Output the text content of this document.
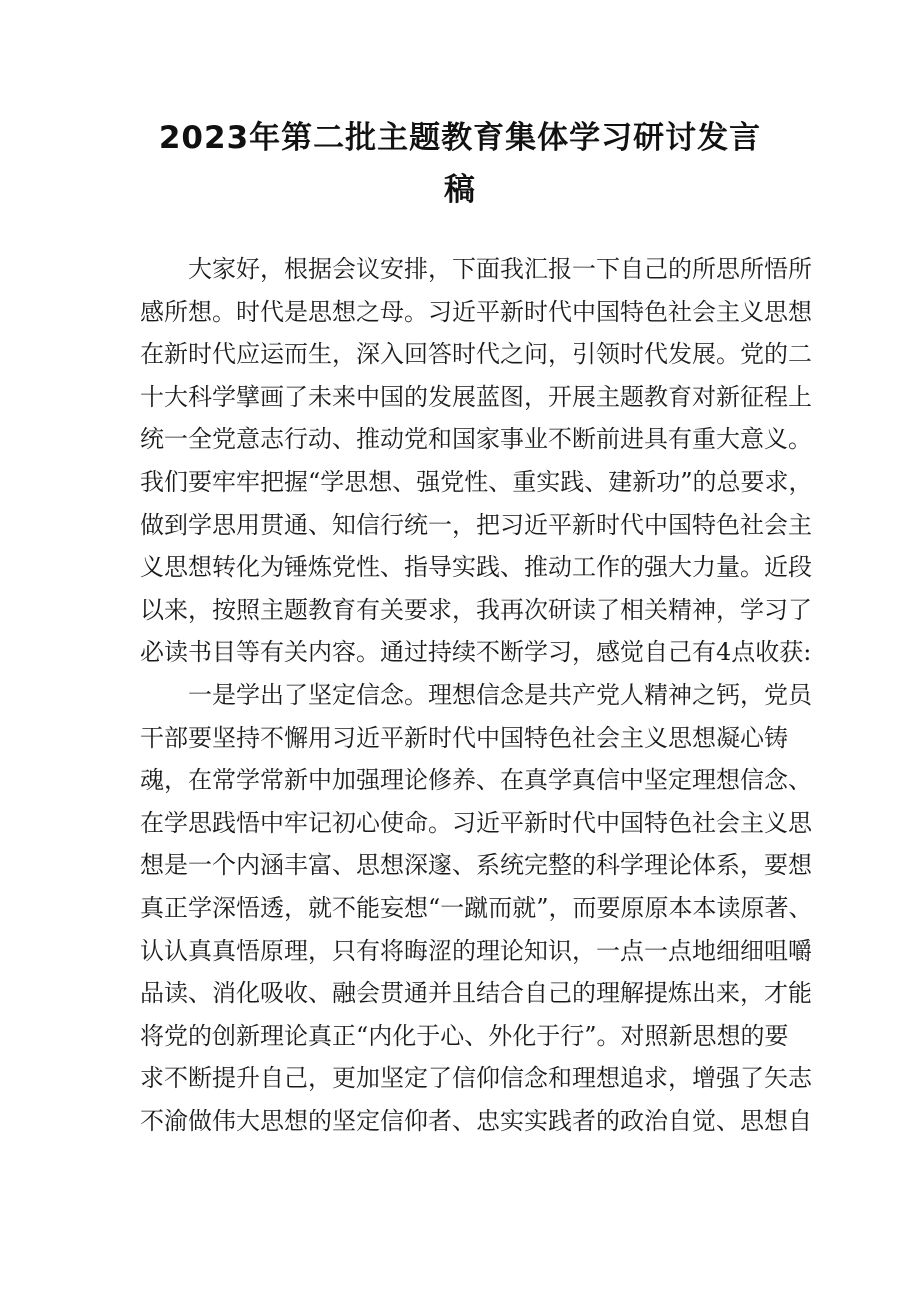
2023年第二批主题教育集体学习研讨发言
稿
大家好，根据会议安排，下面我汇报一下自己的所思所悟所
感所想。时代是思想之母。习近平新时代中国特色社会主义思想
在新时代应运而生，深入回答时代之问，引领时代发展。党的二
十大科学擘画了未来中国的发展蓝图，开展主题教育对新征程上
统一全党意志行动、推动党和国家事业不断前进具有重大意义。
我们要牢牢把握“学思想、强党性、重实践、建新功”的总要求，
做到学思用贯通、知信行统一，把习近平新时代中国特色社会主
义思想转化为锤炼党性、指导实践、推动工作的强大力量。近段
以来，按照主题教育有关要求，我再次研读了相关精神，学习了
必读书目等有关内容。通过持续不断学习，感觉自己有4点收获:
一是学出了坚定信念。理想信念是共产党人精神之钙，党员
干部要坚持不懈用习近平新时代中国特色社会主义思想凝心铸
魂，在常学常新中加强理论修养、在真学真信中坚定理想信念、
在学思践悟中牢记初心使命。习近平新时代中国特色社会主义思
想是一个内涵丰富、思想深邃、系统完整的科学理论体系，要想
真正学深悟透，就不能妄想“一蹴而就”，而要原原本本读原著、
认认真真悟原理，只有将晦涩的理论知识，一点一点地细细咀嚼
品读、消化吸收、融会贯通并且结合自己的理解提炼出来，才能
将党的创新理论真正“内化于心、外化于行”。对照新思想的要
求不断提升自己，更加坚定了信仰信念和理想追求，增强了矢志
不渝做伟大思想的坚定信仰者、忠实实践者的政治自觉、思想自
